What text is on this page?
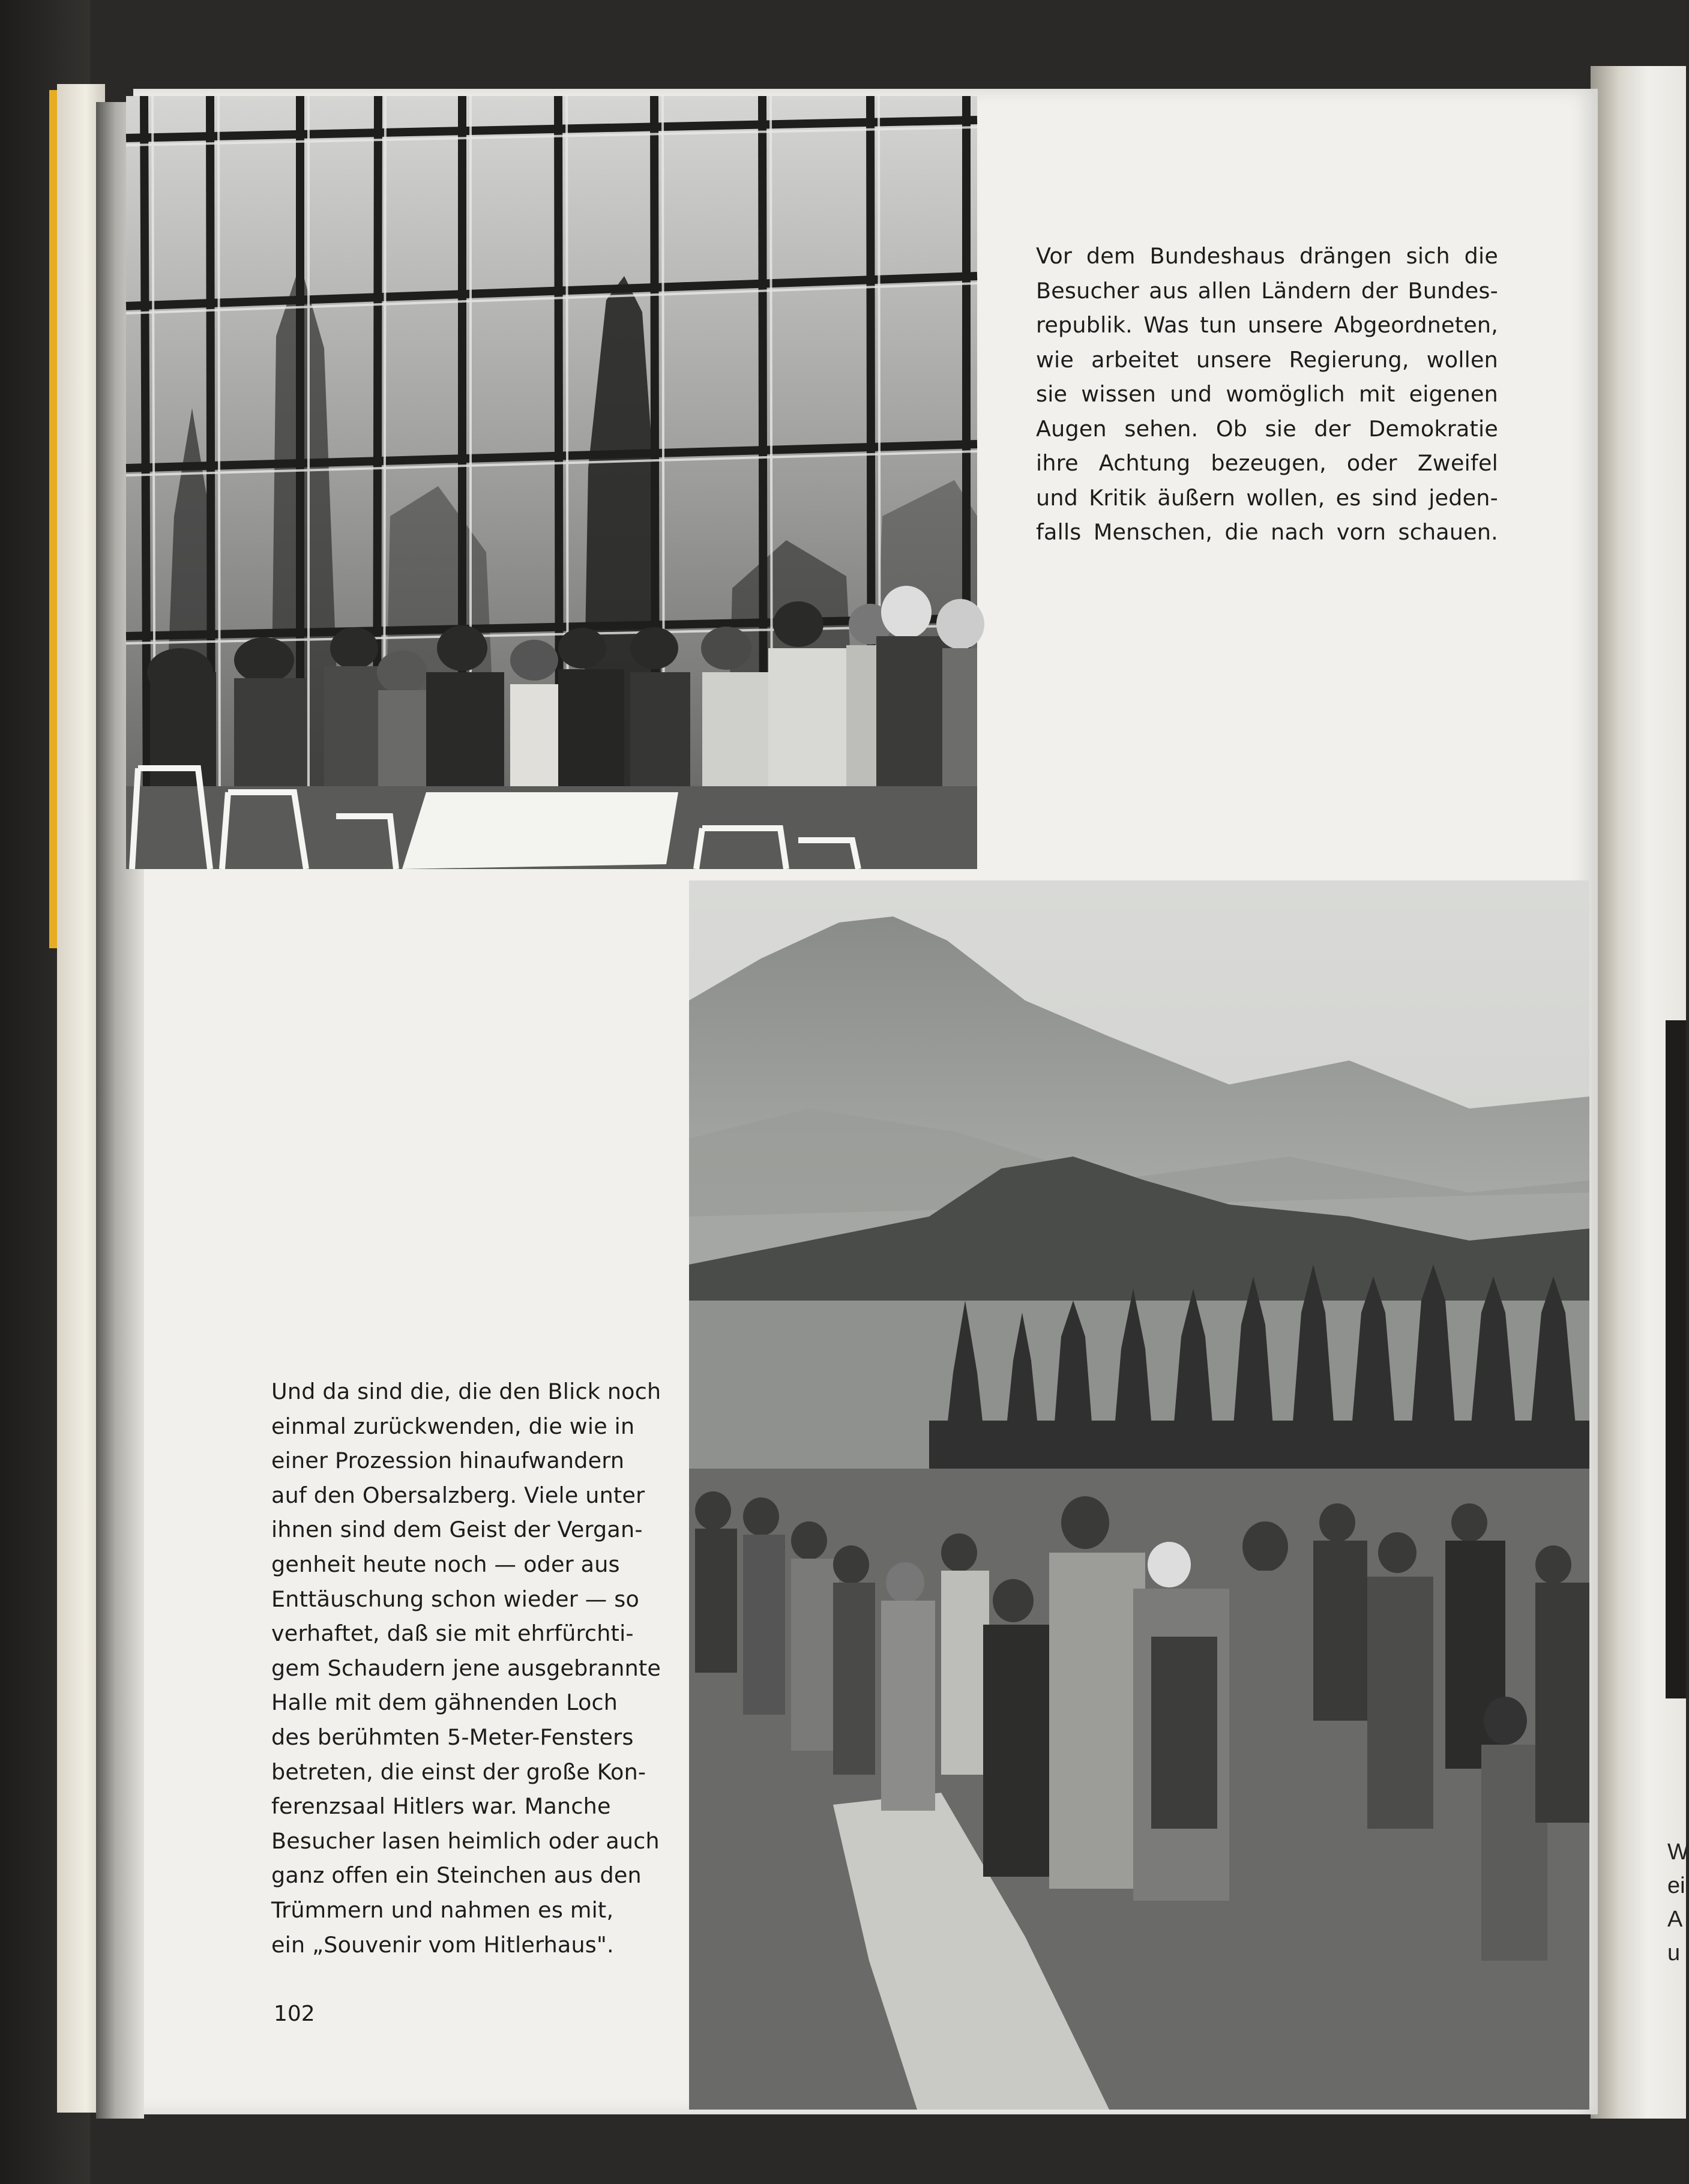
W
ei
A
u
Vor dem Bundeshaus drängen sich die
Besucher aus allen Ländern der Bundes-
republik. Was tun unsere Abgeordneten,
wie arbeitet unsere Regierung, wollen
sie wissen und womöglich mit eigenen
Augen sehen. Ob sie der Demokratie
ihre Achtung bezeugen, oder Zweifel
und Kritik äußern wollen, es sind jeden-
falls Menschen, die nach vorn schauen.
Und da sind die, die den Blick noch
einmal zurückwenden, die wie in
einer Prozession hinaufwandern
auf den Obersalzberg. Viele unter
ihnen sind dem Geist der Vergan-
genheit heute noch — oder aus
Enttäuschung schon wieder — so
verhaftet, daß sie mit ehrfürchti-
gem Schaudern jene ausgebrannte
Halle mit dem gähnenden Loch
des berühmten 5-Meter-Fensters
betreten, die einst der große Kon-
ferenzsaal Hitlers war. Manche
Besucher lasen heimlich oder auch
ganz offen ein Steinchen aus den
Trümmern und nahmen es mit,
ein „Souvenir vom Hitlerhaus".
102
